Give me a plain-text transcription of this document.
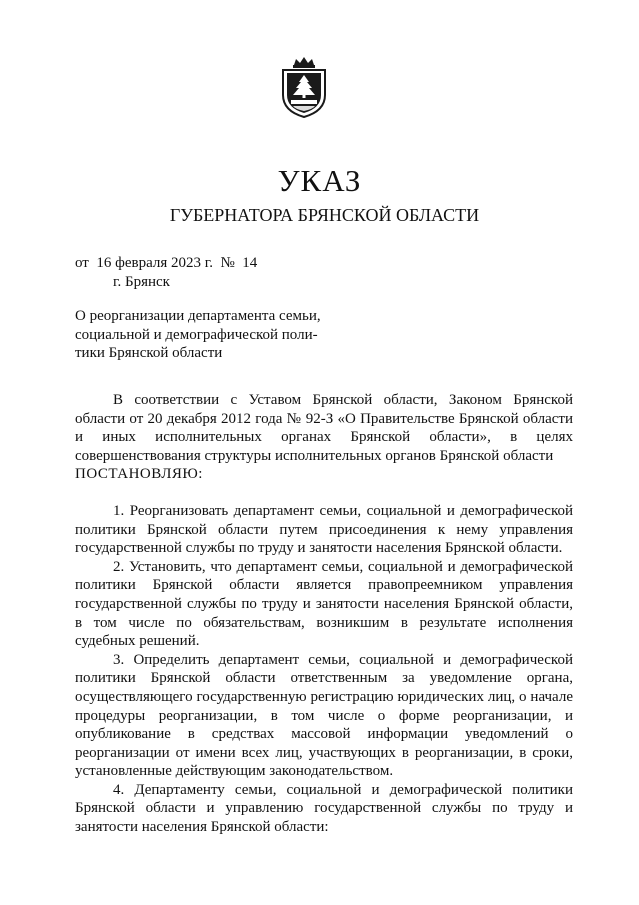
УКАЗ
ГУБЕРНАТОРА БРЯНСКОЙ ОБЛАСТИ
от 16 февраля 2023 г. № 14
г. Брянск
О реорганизации департамента семьи,
социальной и демографической поли-
тики Брянской области

В соответствии с Уставом Брянской области, Законом Брянской области от 20 декабря 2012 года № 92-З «О Правительстве Брянской области и иных исполнительных органах Брянской области», в целях совершенствования структуры исполнительных органов Брянской области

ПОСТАНОВЛЯЮ:

1. Реорганизовать департамент семьи, социальной и демографической политики Брянской области путем присоединения к нему управления государственной службы по труду и занятости населения Брянской области.

2. Установить, что департамент семьи, социальной и демографической политики Брянской области является правопреемником управления государственной службы по труду и занятости населения Брянской области, в том числе по обязательствам, возникшим в результате исполнения судебных решений.

3. Определить департамент семьи, социальной и демографической политики Брянской области ответственным за уведомление органа, осуществляющего государственную регистрацию юридических лиц, о начале процедуры реорганизации, в том числе о форме реорганизации, и опубликование в средствах массовой информации уведомлений о реорганизации от имени всех лиц, участвующих в реорганизации, в сроки, установленные действующим законодательством.

4. Департаменту семьи, социальной и демографической политики Брянской области и управлению государственной службы по труду и занятости населения Брянской области:
